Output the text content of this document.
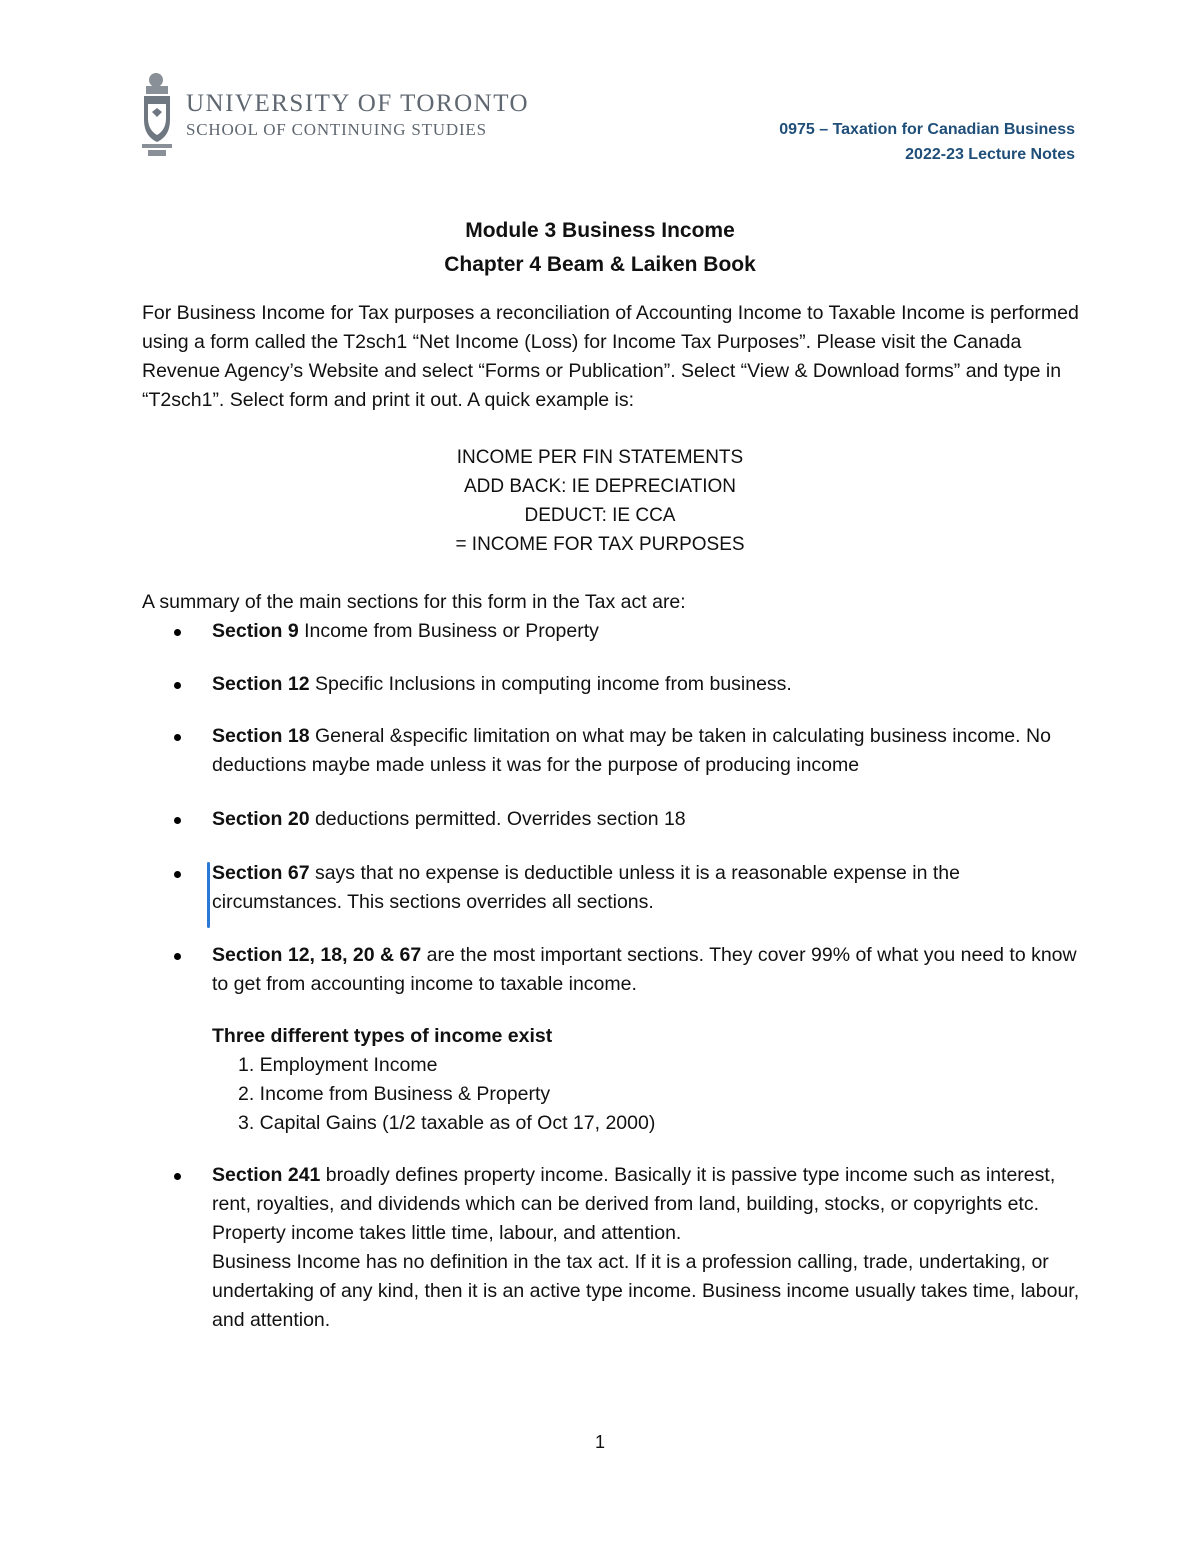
UNIVERSITY OF TORONTO
SCHOOL OF CONTINUING STUDIES	0975 – Taxation for Canadian Business
2022-23 Lecture Notes
Module 3 Business Income
Chapter 4 Beam & Laiken Book
For Business Income for Tax purposes a reconciliation of Accounting Income to Taxable Income is performed using a form called the T2sch1 “Net Income (Loss) for Income Tax Purposes”. Please visit the Canada Revenue Agency’s Website and select “Forms or Publication”. Select “View & Download forms” and type in “T2sch1”. Select form and print it out. A quick example is:
INCOME PER FIN STATEMENTS
ADD BACK: IE DEPRECIATION
DEDUCT: IE CCA
= INCOME FOR TAX PURPOSES
A summary of the main sections for this form in the Tax act are:
Section 9 Income from Business or Property
Section 12 Specific Inclusions in computing income from business.
Section 18 General &specific limitation on what may be taken in calculating business income. No deductions maybe made unless it was for the purpose of producing income
Section 20 deductions permitted. Overrides section 18
Section 67 says that no expense is deductible unless it is a reasonable expense in the circumstances. This sections overrides all sections.
Section 12, 18, 20 & 67 are the most important sections. They cover 99% of what you need to know to get from accounting income to taxable income.
Three different types of income exist
1. Employment Income
2. Income from Business & Property
3. Capital Gains (1/2 taxable as of Oct 17, 2000)
Section 241 broadly defines property income. Basically it is passive type income such as interest, rent, royalties, and dividends which can be derived from land, building, stocks, or copyrights etc. Property income takes little time, labour, and attention.
Business Income has no definition in the tax act. If it is a profession calling, trade, undertaking, or undertaking of any kind, then it is an active type income. Business income usually takes time, labour, and attention.
1
